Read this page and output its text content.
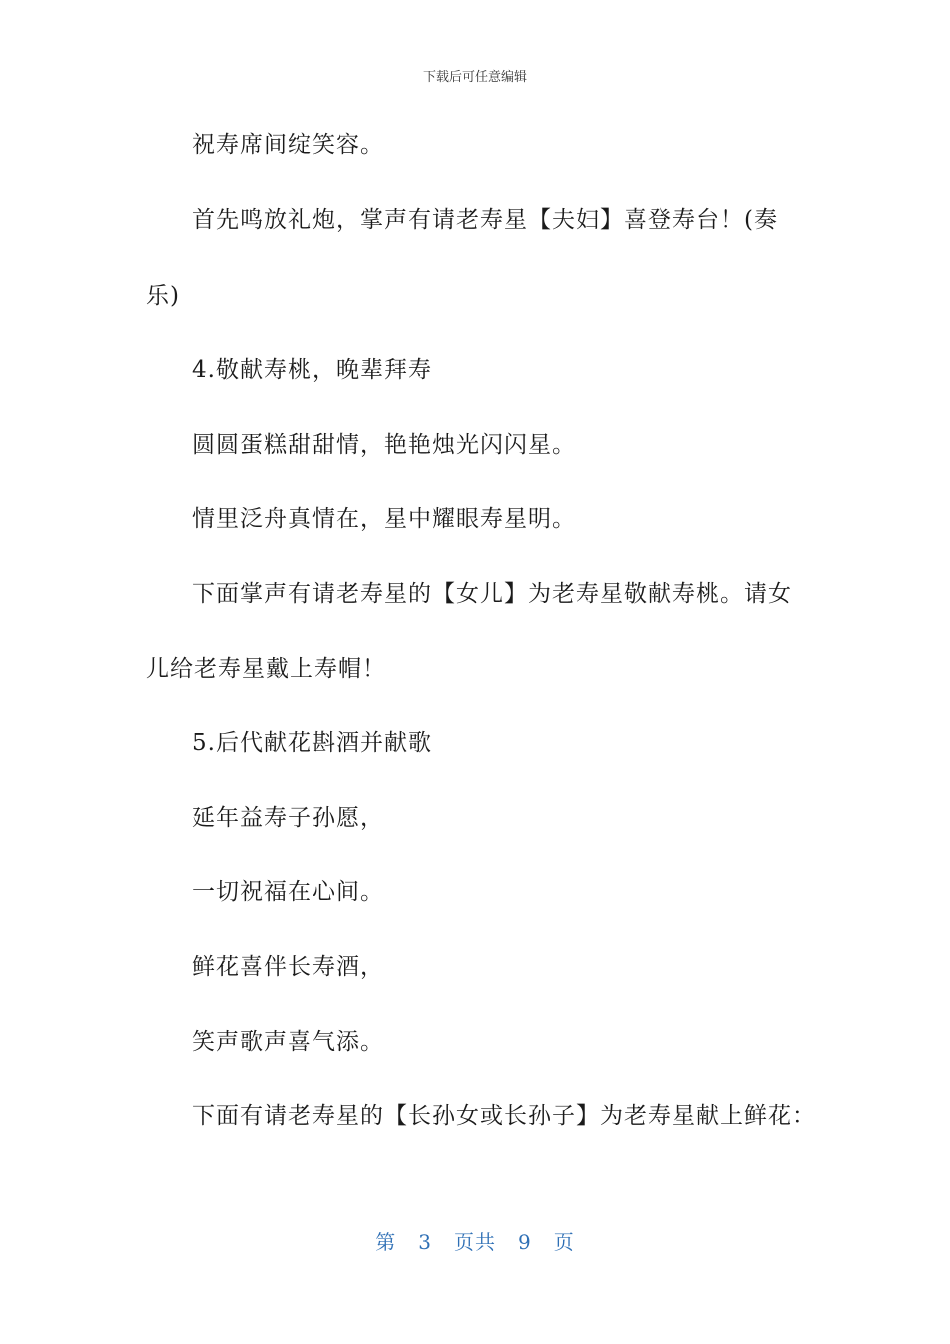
下载后可任意编辑
祝寿席间绽笑容。
首先鸣放礼炮，掌声有请老寿星【夫妇】喜登寿台！(奏
乐)
4.敬献寿桃，晚辈拜寿
圆圆蛋糕甜甜情，艳艳烛光闪闪星。
情里泛舟真情在，星中耀眼寿星明。
下面掌声有请老寿星的【女儿】为老寿星敬献寿桃。请女
儿给老寿星戴上寿帽！
5.后代献花斟酒并献歌
延年益寿子孙愿，
一切祝福在心间。
鲜花喜伴长寿酒，
笑声歌声喜气添。
下面有请老寿星的【长孙女或长孙子】为老寿星献上鲜花：
第 3 页共 9 页
